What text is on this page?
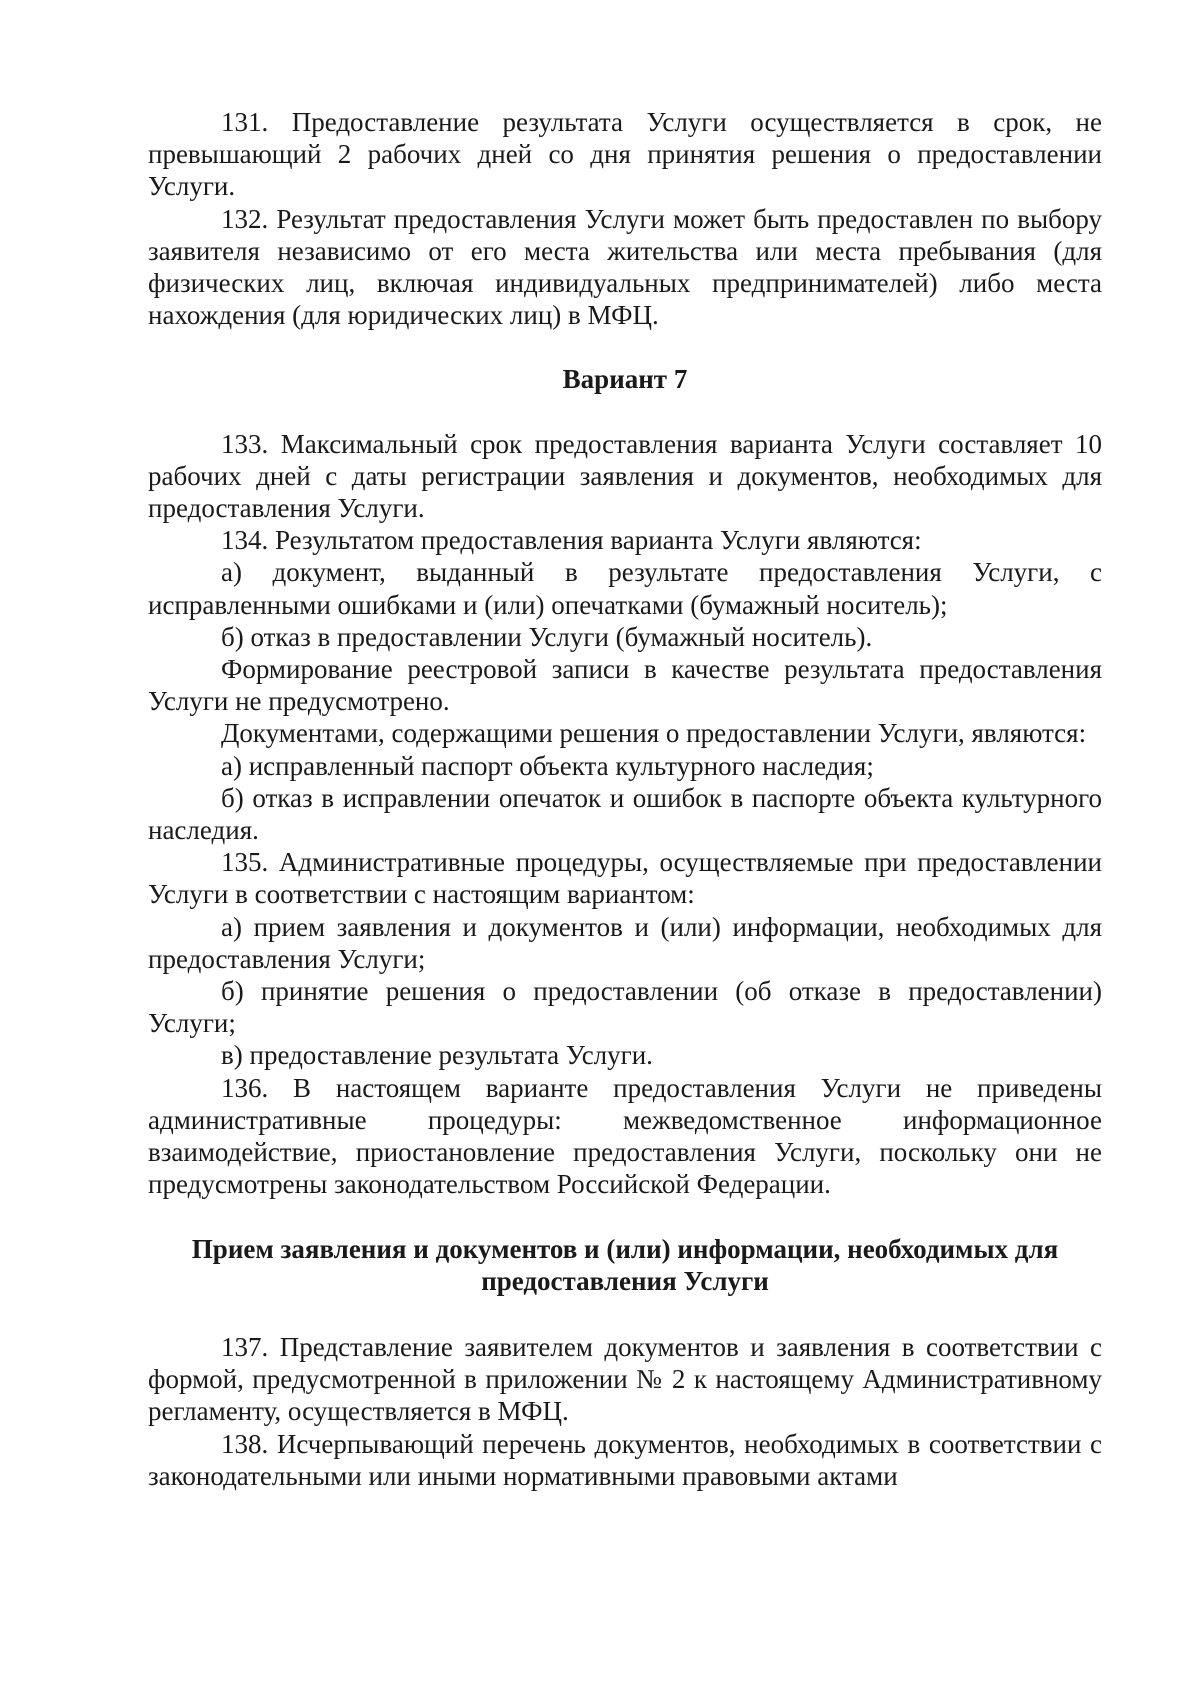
131. Предоставление результата Услуги осуществляется в срок, не превышающий 2 рабочих дней со дня принятия решения о предоставлении Услуги.

132. Результат предоставления Услуги может быть предоставлен по выбору заявителя независимо от его места жительства или места пребывания (для физических лиц, включая индивидуальных предпринимателей) либо места нахождения (для юридических лиц) в МФЦ.

Вариант 7

133. Максимальный срок предоставления варианта Услуги составляет 10 рабочих дней с даты регистрации заявления и документов, необходимых для предоставления Услуги.

134. Результатом предоставления варианта Услуги являются:

а) документ, выданный в результате предоставления Услуги, с исправленными ошибками и (или) опечатками (бумажный носитель);

б) отказ в предоставлении Услуги (бумажный носитель).

Формирование реестровой записи в качестве результата предоставления Услуги не предусмотрено.

Документами, содержащими решения о предоставлении Услуги, являются:

а) исправленный паспорт объекта культурного наследия;

б) отказ в исправлении опечаток и ошибок в паспорте объекта культурного наследия.

135. Административные процедуры, осуществляемые при предоставлении Услуги в соответствии с настоящим вариантом:

а) прием заявления и документов и (или) информации, необходимых для предоставления Услуги;

б) принятие решения о предоставлении (об отказе в предоставлении) Услуги;

в) предоставление результата Услуги.

136. В настоящем варианте предоставления Услуги не приведены административные процедуры: межведомственное информационное взаимодействие, приостановление предоставления Услуги, поскольку они не предусмотрены законодательством Российской Федерации.

Прием заявления и документов и (или) информации, необходимых для
предоставления Услуги

137. Представление заявителем документов и заявления в соответствии с формой, предусмотренной в приложении № 2 к настоящему Административному регламенту, осуществляется в МФЦ.

138. Исчерпывающий перечень документов, необходимых в соответствии с законодательными или иными нормативными правовыми актами
